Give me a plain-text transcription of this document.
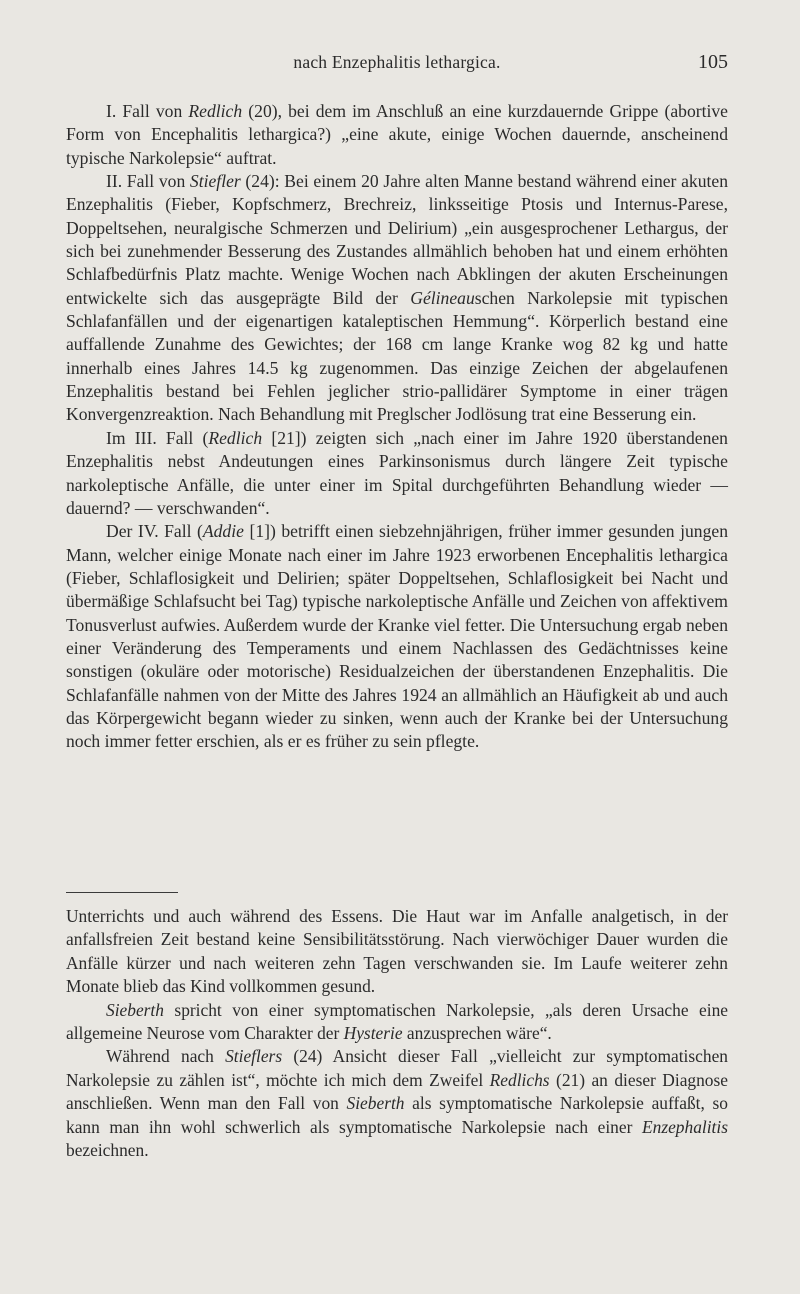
nach Enzephalitis lethargica.	105

I. Fall von Redlich (20), bei dem im Anschluß an eine kurzdauernde Grippe (abortive Form von Encephalitis lethargica?) „eine akute, einige Wochen dauernde, anscheinend typische Narkolepsie“ auftrat.

II. Fall von Stiefler (24): Bei einem 20 Jahre alten Manne bestand während einer akuten Enzephalitis (Fieber, Kopfschmerz, Brechreiz, linksseitige Ptosis und Internus-Parese, Doppeltsehen, neuralgische Schmerzen und Delirium) „ein ausgesprochener Lethargus, der sich bei zunehmender Besserung des Zustandes allmählich behoben hat und einem erhöhten Schlafbedürfnis Platz machte. Wenige Wochen nach Abklingen der akuten Erscheinungen entwickelte sich das ausgeprägte Bild der Gélineauschen Narkolepsie mit typischen Schlafanfällen und der eigenartigen kataleptischen Hemmung“. Körperlich bestand eine auffallende Zunahme des Gewichtes; der 168 cm lange Kranke wog 82 kg und hatte innerhalb eines Jahres 14.5 kg zugenommen. Das einzige Zeichen der abgelaufenen Enzephalitis bestand bei Fehlen jeglicher strio-pallidärer Symptome in einer trägen Konvergenzreaktion. Nach Behandlung mit Preglscher Jodlösung trat eine Besserung ein.

Im III. Fall (Redlich [21]) zeigten sich „nach einer im Jahre 1920 überstandenen Enzephalitis nebst Andeutungen eines Parkinsonismus durch längere Zeit typische narkoleptische Anfälle, die unter einer im Spital durchgeführten Behandlung wieder — dauernd? — verschwanden“.

Der IV. Fall (Addie [1]) betrifft einen siebzehnjährigen, früher immer gesunden jungen Mann, welcher einige Monate nach einer im Jahre 1923 erworbenen Encephalitis lethargica (Fieber, Schlaflosigkeit und Delirien; später Doppeltsehen, Schlaflosigkeit bei Nacht und übermäßige Schlafsucht bei Tag) typische narkoleptische Anfälle und Zeichen von affektivem Tonusverlust aufwies. Außerdem wurde der Kranke viel fetter. Die Untersuchung ergab neben einer Veränderung des Temperaments und einem Nachlassen des Gedächtnisses keine sonstigen (okuläre oder motorische) Residualzeichen der überstandenen Enzephalitis. Die Schlafanfälle nahmen von der Mitte des Jahres 1924 an allmählich an Häufigkeit ab und auch das Körpergewicht begann wieder zu sinken, wenn auch der Kranke bei der Untersuchung noch immer fetter erschien, als er es früher zu sein pflegte.

Unterrichts und auch während des Essens. Die Haut war im Anfalle analgetisch, in der anfallsfreien Zeit bestand keine Sensibilitätsstörung. Nach vierwöchiger Dauer wurden die Anfälle kürzer und nach weiteren zehn Tagen verschwanden sie. Im Laufe weiterer zehn Monate blieb das Kind vollkommen gesund.

Sieberth spricht von einer symptomatischen Narkolepsie, „als deren Ursache eine allgemeine Neurose vom Charakter der Hysterie anzusprechen wäre“.

Während nach Stieflers (24) Ansicht dieser Fall „vielleicht zur symptomatischen Narkolepsie zu zählen ist“, möchte ich mich dem Zweifel Redlichs (21) an dieser Diagnose anschließen. Wenn man den Fall von Sieberth als symptomatische Narkolepsie auffaßt, so kann man ihn wohl schwerlich als symptomatische Narkolepsie nach einer Enzephalitis bezeichnen.
